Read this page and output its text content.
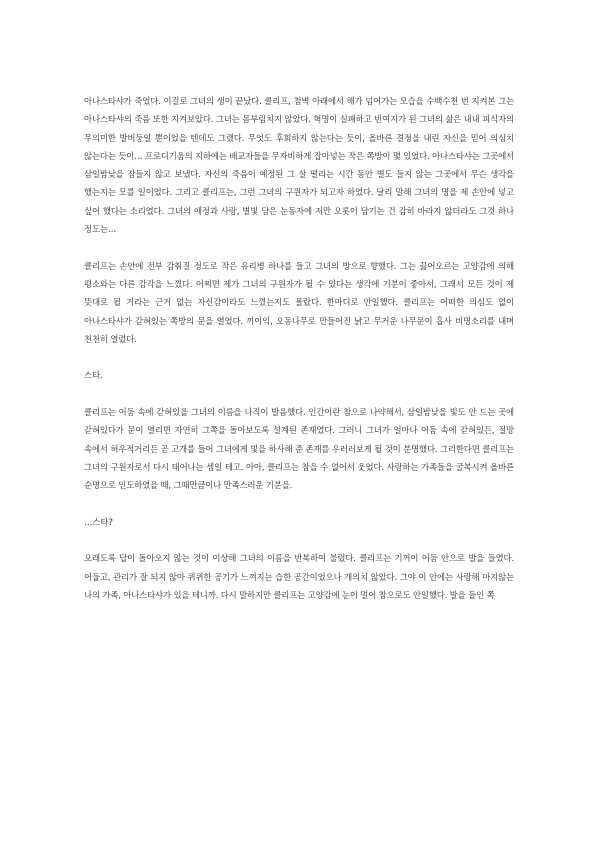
아나스타샤가 죽었다. 이걸로 그녀의 생이 끝났다. 클리프, 첨벽 아래에서 해가 넘어가는 모습을 수백수천 번 지켜본 그는 아나스타샤의 죽음 또한 지켜보았다. 그녀는 몸부림치지 않았다. 혁명이 실패하고 빈여지가 된 그녀의 삶은 내내 피식자의 무의미한 발버둥일 뿐이었을 텐데도 그랬다. 무엇도 후회하지 않는다는 듯이, 올바른 결정을 내린 자신을 믿어 의심치 않는다는 듯이… 프로디기움의 지하에는 배교자들을 무자비하게 잡아넣는 작은 쪽방이 몇 있었다. 아나스타샤는 그곳에서 삼일밤낮을 잠들지 않고 보냈다. 자신의 죽음이 예정된 그 살 떨리는 시간 동안 별도 들지 않는 그곳에서 무슨 생각을 했는지는 모를 일이었다. 그리고 클리프는, 그런 그녀의 구원자가 되고자 하였다. 달리 말해 그녀의 명을 제 손안에 넣고 싶어 했다는 소리였다. 그녀의 애정과 사랑, 별빛 담은 눈동자에 저만 오롯이 담기는 건 감히 바라지 않더라도 그것 하나 정도는…

클리프는 손안에 전부 감춰질 정도로 작은 유리병 하나를 들고 그녀의 방으로 향했다. 그는 끓어오르는 고양감에 의해 평소와는 다른 감각을 느꼈다. 어찌면 제가 그녀의 구원자가 될 수 있다는 생각에 기분이 좋아서, 그래서 모든 것이 제 뜻대로 될 거라는 근거 없는 자신감이라도 느꼈는지도 몰랐다. 한마디로 안일했다. 클리프는 어떠한 의심도 없이 아나스타샤가 갇혀있는 쪽방의 문을 열었다. 끼이익, 오동나무로 만들어진 낡고 무거운 나무문이 흡사 비명소리를 내며 천천히 열렸다.

스타.

클리프는 어둠 속에 갇혀있을 그녀의 이름을 나직이 발음했다. 인간이란 참으로 나약해서, 삼일밤낮을 빛도 안 드는 곳에 갇혀있다가 문이 열리면 자연히 그쪽을 돌아보도록 설계된 존재였다. 그러니 그녀가 얼마나 어둠 속에 갇혀있든, 절망 속에서 허우적거리든 곧 고개를 들어 그녀에게 빛을 하사해 준 존재를 우러러보게 될 것이 분명했다. 그리한다면 클리프는 그녀의 구원자로서 다시 태어나는 셈일 테고. 아아, 클리프는 참을 수 없어서 웃었다. 사랑하는 가족들을 굴복시켜 올바른 순명으로 인도하였을 때, 그때만큼이나 만족스러운 기분을.

…스타?

오래도록 답이 돌아오지 않는 것이 이상해 그녀의 이름을 반복하여 불렀다. 클리프는 기꺼이 어둠 안으로 발을 들였다. 어둡고, 관리가 잘 되지 않아 퀴퀴한 공기가 느껴지는 습한 공간이었으나 개의치 않았다. 그야 이 안에는 사랑해 마지않는 나의 가족, 아나스타샤가 있을 테니까. 다시 말하지만 클리프는 고양감에 눈이 멀어 참으로도 안일했다. 발을 들인 쪽
